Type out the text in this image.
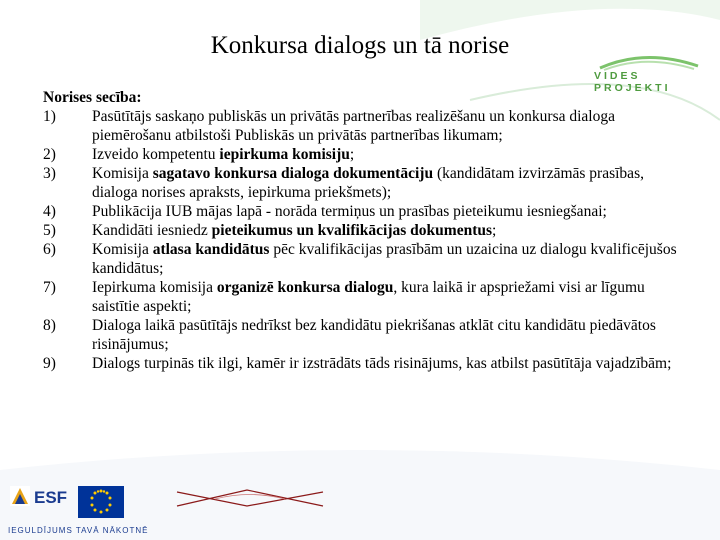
Konkursa dialogs un tā norise
VIDES PROJEKTI
Norises secība:
1) Pasūtītājs saskaņo publiskās un privātās partnerības realizēšanu un konkursa dialoga piemērošanu atbilstoši Publiskās un privātās partnerības likumam;
2) Izveido kompetentu iepirkuma komisiju;
3) Komisija sagatavo konkursa dialoga dokumentāciju (kandidātam izvirzāmās prasības, dialoga norises apraksts, iepirkuma priekšmets);
4) Publikācija IUB mājas lapā - norāda termiņus un prasības pieteikumu iesniegšanai;
5) Kandidāti iesniedz pieteikumus un kvalifikācijas dokumentus;
6) Komisija atlasa kandidātus pēc kvalifikācijas prasībām un uzaicina uz dialogu kvalificējušos kandidātus;
7) Iepirkuma komisija organizē konkursa dialogu, kura laikā ir apspriežami visi ar līgumu saistītie aspekti;
8) Dialoga laikā pasūtītājs nedrīkst bez kandidātu piekrišanas atklāt citu kandidātu piedāvātos risinājumus;
9) Dialogs turpinās tik ilgi, kamēr ir izstrādāts tāds risinājums, kas atbilst pasūtītāja vajadzībām;
ESF
IEGULDĪJUMS TAVĀ NĀKOTNĒ
